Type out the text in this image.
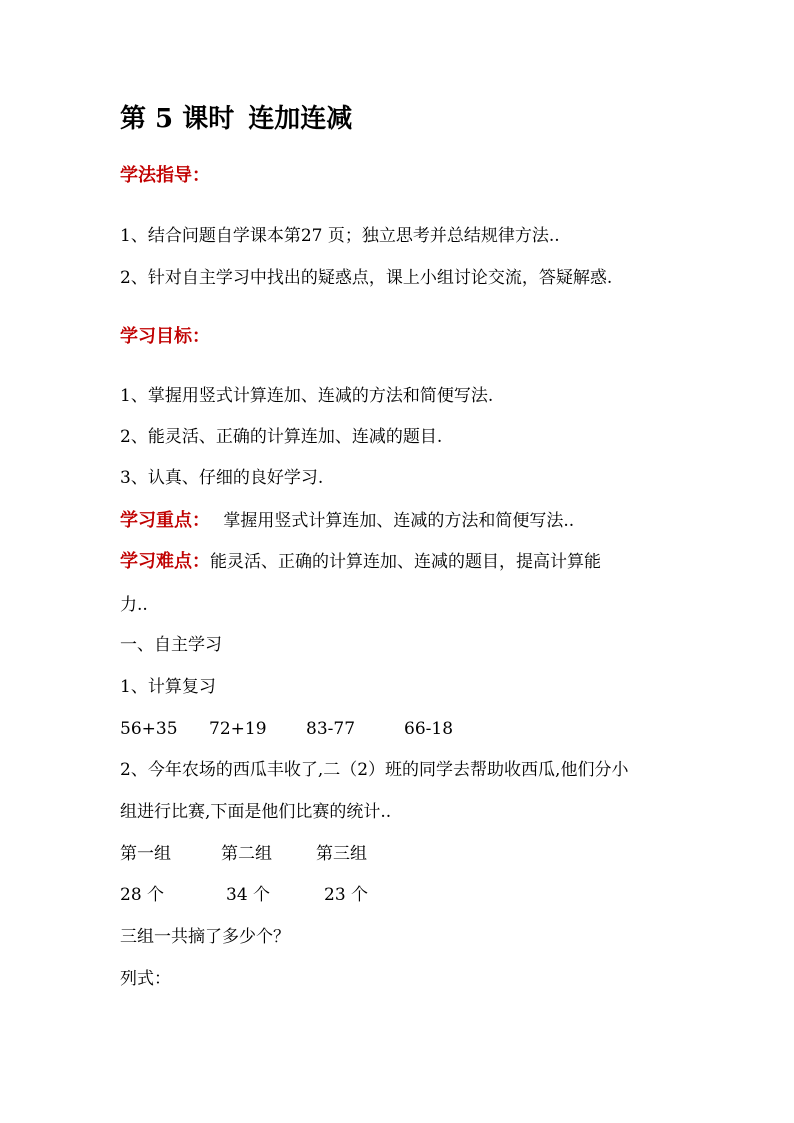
第 5 课时 连加连减
学法指导：
1、结合问题自学课本第27 页；独立思考并总结规律方法..
2、针对自主学习中找出的疑惑点，课上小组讨论交流，答疑解惑.
学习目标：
1、掌握用竖式计算连加、连减的方法和简便写法.
2、能灵活、正确的计算连加、连减的题目.
3、认真、仔细的良好学习.
学习重点： 掌握用竖式计算连加、连减的方法和简便写法..
学习难点：能灵活、正确的计算连加、连减的题目，提高计算能
力..
一、自主学习
1、计算复习
56+35 72+19 83-77	66-18
2、今年农场的西瓜丰收了,二（2）班的同学去帮助收西瓜,他们分小
组进行比赛,下面是他们比赛的统计..
第一组	第二组	第三组
28 个	34 个	23 个
三组一共摘了多少个？
列式：
